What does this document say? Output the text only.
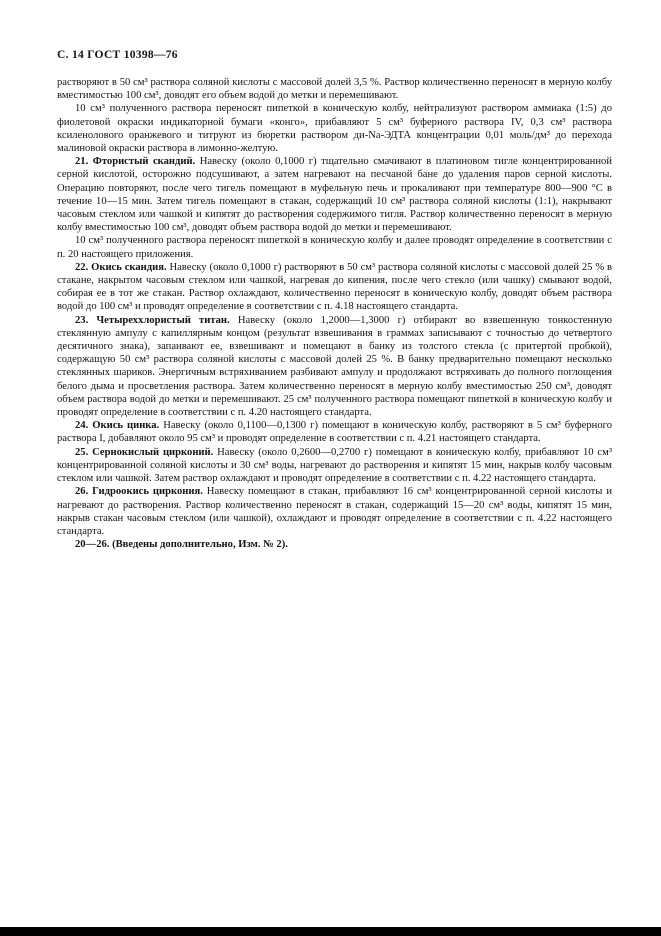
С. 14 ГОСТ 10398—76

растворяют в 50 см³ раствора соляной кислоты с массовой долей 3,5 %. Раствор количественно переносят в мерную колбу вместимостью 100 см³, доводят его объем водой до метки и перемешивают.

10 см³ полученного раствора переносят пипеткой в коническую колбу, нейтрализуют раствором аммиака (1:5) до фиолетовой окраски индикаторной бумаги «конго», прибавляют 5 см³ буферного раствора IV, 0,3 см³ раствора ксиленолового оранжевого и титруют из бюретки раствором ди-Na-ЭДТА концентрации 0,01 моль/дм³ до перехода малиновой окраски раствора в лимонно-желтую.

21. Фтористый скандий. Навеску (около 0,1000 г) тщательно смачивают в платиновом тигле концентрированной серной кислотой, осторожно подсушивают, а затем нагревают на песчаной бане до удаления паров серной кислоты. Операцию повторяют, после чего тигель помещают в муфельную печь и прокаливают при температуре 800—900 °С в течение 10—15 мин. Затем тигель помещают в стакан, содержащий 10 см³ раствора соляной кислоты (1:1), накрывают часовым стеклом или чашкой и кипятят до растворения содержимого тигля. Раствор количественно переносят в мерную колбу вместимостью 100 см³, доводят объем раствора водой до метки и перемешивают.

10 см³ полученного раствора переносят пипеткой в коническую колбу и далее проводят определение в соответствии с п. 20 настоящего приложения.

22. Окись скандия. Навеску (около 0,1000 г) растворяют в 50 см³ раствора соляной кислоты с массовой долей 25 % в стакане, накрытом часовым стеклом или чашкой, нагревая до кипения, после чего стекло (или чашку) смывают водой, собирая ее в тот же стакан. Раствор охлаждают, количественно переносят в коническую колбу, доводят объем раствора водой до 100 см³ и проводят определение в соответствии с п. 4.18 настоящего стандарта.

23. Четыреххлористый титан. Навеску (около 1,2000—1,3000 г) отбирают во взвешенную тонкостенную стеклянную ампулу с капиллярным концом (результат взвешивания в граммах записывают с точностью до четвертого десятичного знака), запаивают ее, взвешивают и помещают в банку из толстого стекла (с притертой пробкой), содержащую 50 см³ раствора соляной кислоты с массовой долей 25 %. В банку предварительно помещают несколько стеклянных шариков. Энергичным встряхиванием разбивают ампулу и продолжают встряхивать до полного поглощения белого дыма и просветления раствора. Затем количественно переносят в мерную колбу вместимостью 250 см³, доводят объем раствора водой до метки и перемешивают. 25 см³ полученного раствора помещают пипеткой в коническую колбу и проводят определение в соответствии с п. 4.20 настоящего стандарта.

24. Окись цинка. Навеску (около 0,1100—0,1300 г) помещают в коническую колбу, растворяют в 5 см³ буферного раствора I, добавляют около 95 см³ и проводят определение в соответствии с п. 4.21 настоящего стандарта.

25. Сернокислый цирконий. Навеску (около 0,2600—0,2700 г) помещают в коническую колбу, прибавляют 10 см³ концентрированной соляной кислоты и 30 см³ воды, нагревают до растворения и кипятят 15 мин, накрыв колбу часовым стеклом или чашкой. Затем раствор охлаждают и проводят определение в соответствии с п. 4.22 настоящего стандарта.

26. Гидроокись циркония. Навеску помещают в стакан, прибавляют 16 см³ концентрированной серной кислоты и нагревают до растворения. Раствор количественно переносят в стакан, содержащий 15—20 см³ воды, кипятят 15 мин, накрыв стакан часовым стеклом (или чашкой), охлаждают и проводят определение в соответствии с п. 4.22 настоящего стандарта.

20—26. (Введены дополнительно, Изм. № 2).
